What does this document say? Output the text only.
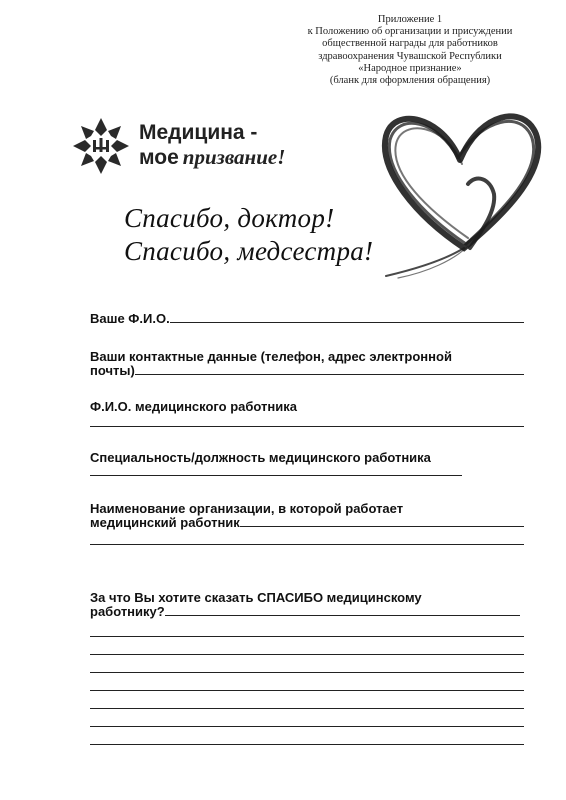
Приложение 1
к Положению об организации и присуждении
общественной награды для работников
здравоохранения Чувашской Республики
«Народное признание»
(бланк для оформления обращения)
Медицина -
мое призвание!
Спасибо, доктор!
Спасибо, медсестра!
Ваше Ф.И.О.
Ваши контактные данные (телефон, адрес электронной
почты)
Ф.И.О. медицинского работника
Специальность/должность медицинского работника
Наименование организации, в которой работает
медицинский работник
За что Вы хотите сказать СПАСИБО медицинскому
работнику?
